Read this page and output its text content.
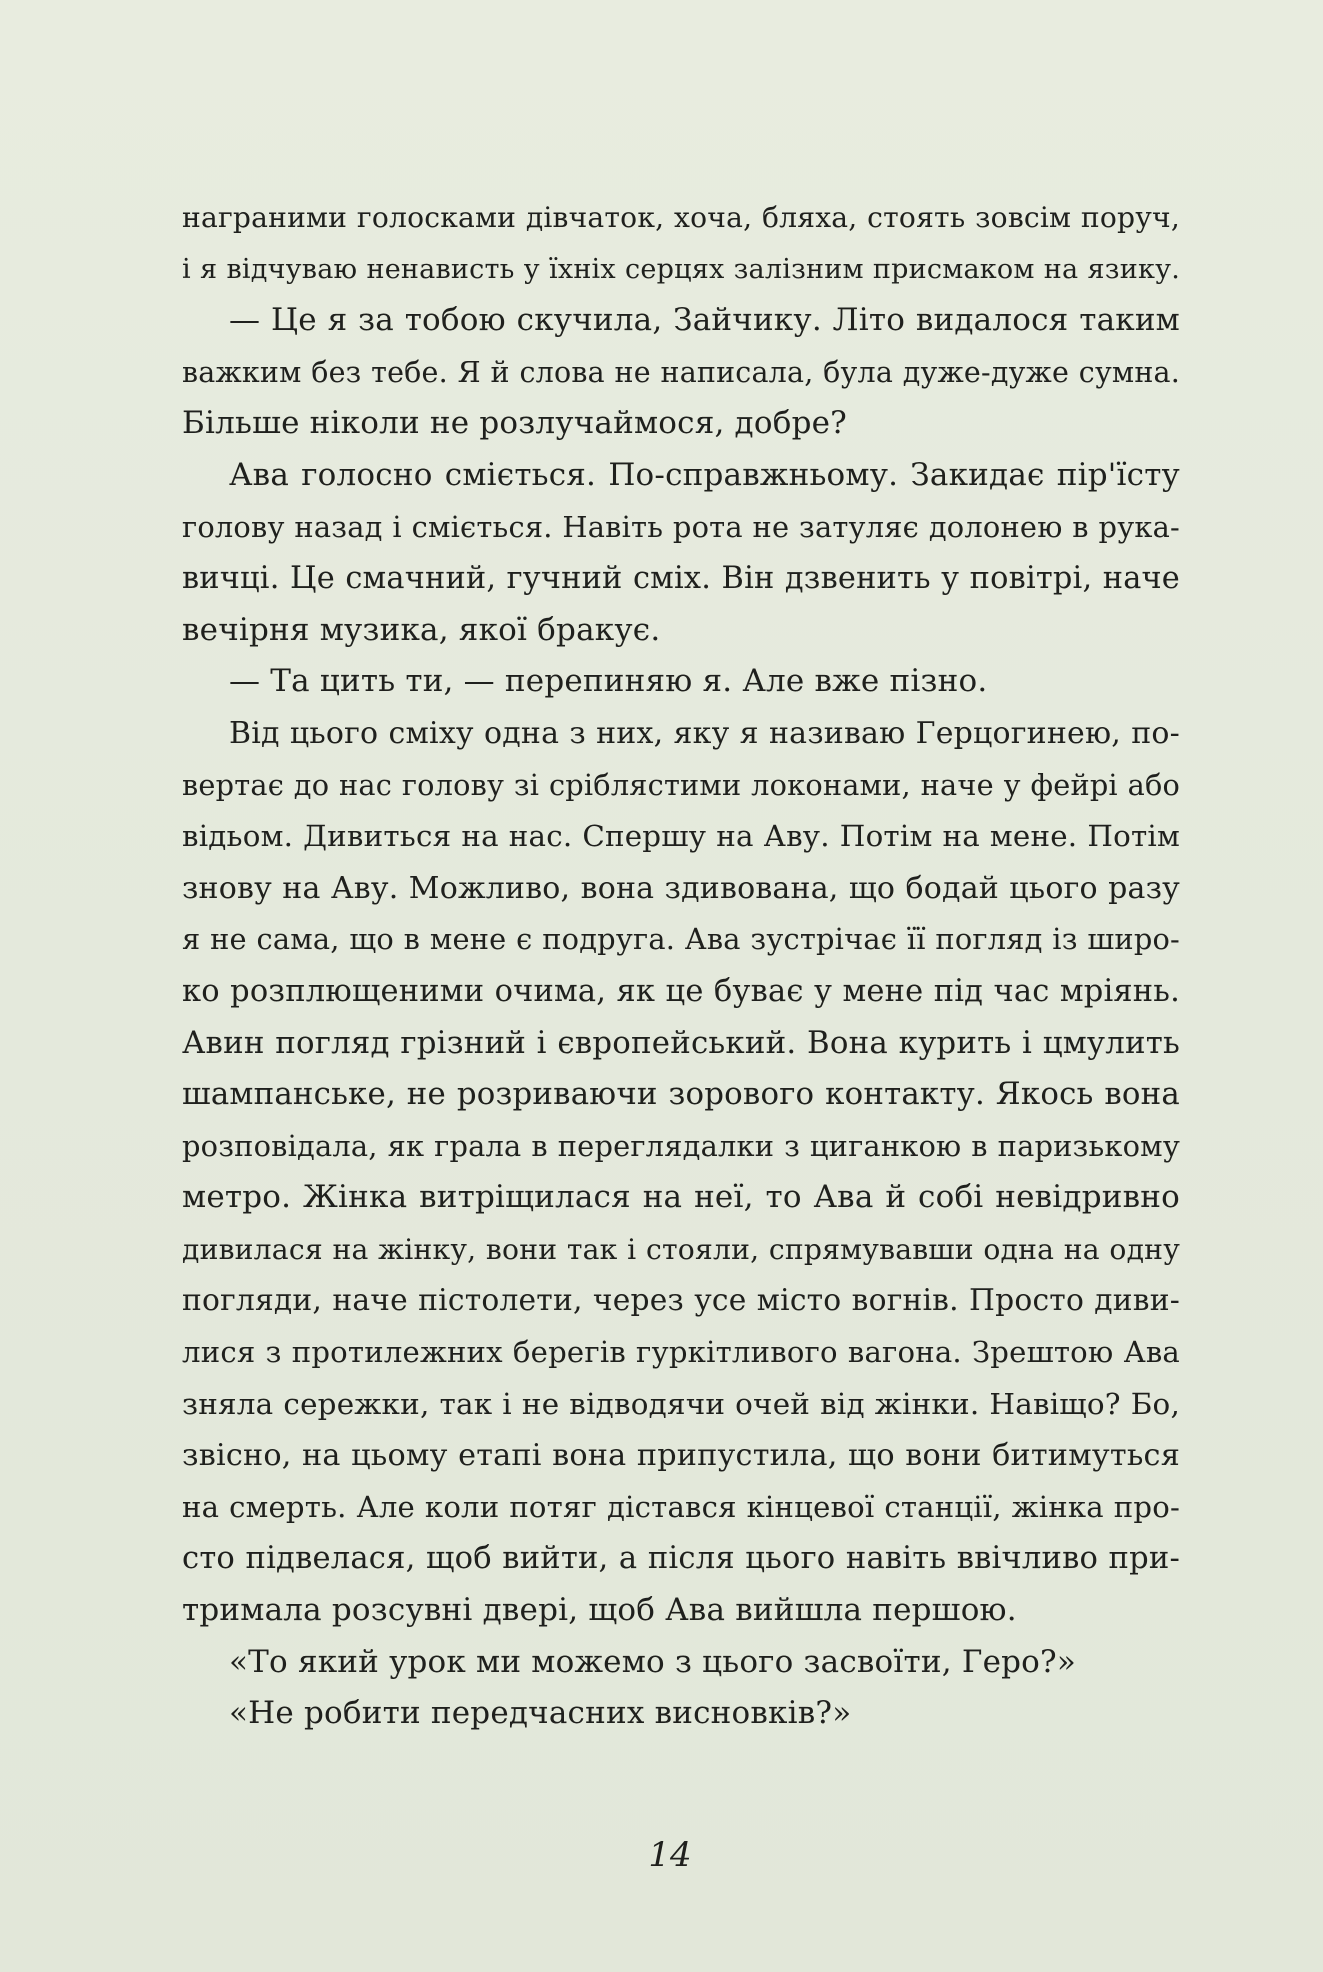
награними голосками дівчаток, хоча, бляха, стоять зовсім поруч,
і я відчуваю ненависть у їхніх серцях залізним присмаком на язику.
— Це я за тобою скучила, Зайчику. Літо видалося таким
важким без тебе. Я й слова не написала, була дуже-дуже сумна.
Більше ніколи не розлучаймося, добре?
Ава голосно сміється. По-справжньому. Закидає пір'їсту
голову назад і сміється. Навіть рота не затуляє долонею в рука-
вичці. Це смачний, гучний сміх. Він дзвенить у повітрі, наче
вечірня музика, якої бракує.
— Та цить ти, — перепиняю я. Але вже пізно.
Від цього сміху одна з них, яку я називаю Герцогинею, по-
вертає до нас голову зі сріблястими локонами, наче у фейрі або
відьом. Дивиться на нас. Спершу на Аву. Потім на мене. Потім
знову на Аву. Можливо, вона здивована, що бодай цього разу
я не сама, що в мене є подруга. Ава зустрічає її погляд із широ-
ко розплющеними очима, як це буває у мене під час мріянь.
Авин погляд грізний і європейський. Вона курить і цмулить
шампанське, не розриваючи зорового контакту. Якось вона
розповідала, як грала в переглядалки з циганкою в паризькому
метро. Жінка витріщилася на неї, то Ава й собі невідривно
дивилася на жінку, вони так і стояли, спрямувавши одна на одну
погляди, наче пістолети, через усе місто вогнів. Просто диви-
лися з протилежних берегів гуркітливого вагона. Зрештою Ава
зняла сережки, так і не відводячи очей від жінки. Навіщо? Бо,
звісно, на цьому етапі вона припустила, що вони битимуться
на смерть. Але коли потяг дістався кінцевої станції, жінка про-
сто підвелася, щоб вийти, а після цього навіть ввічливо при-
тримала розсувні двері, щоб Ава вийшла першою.
«То який урок ми можемо з цього засвоїти, Геро?»
«Не робити передчасних висновків?»
14
